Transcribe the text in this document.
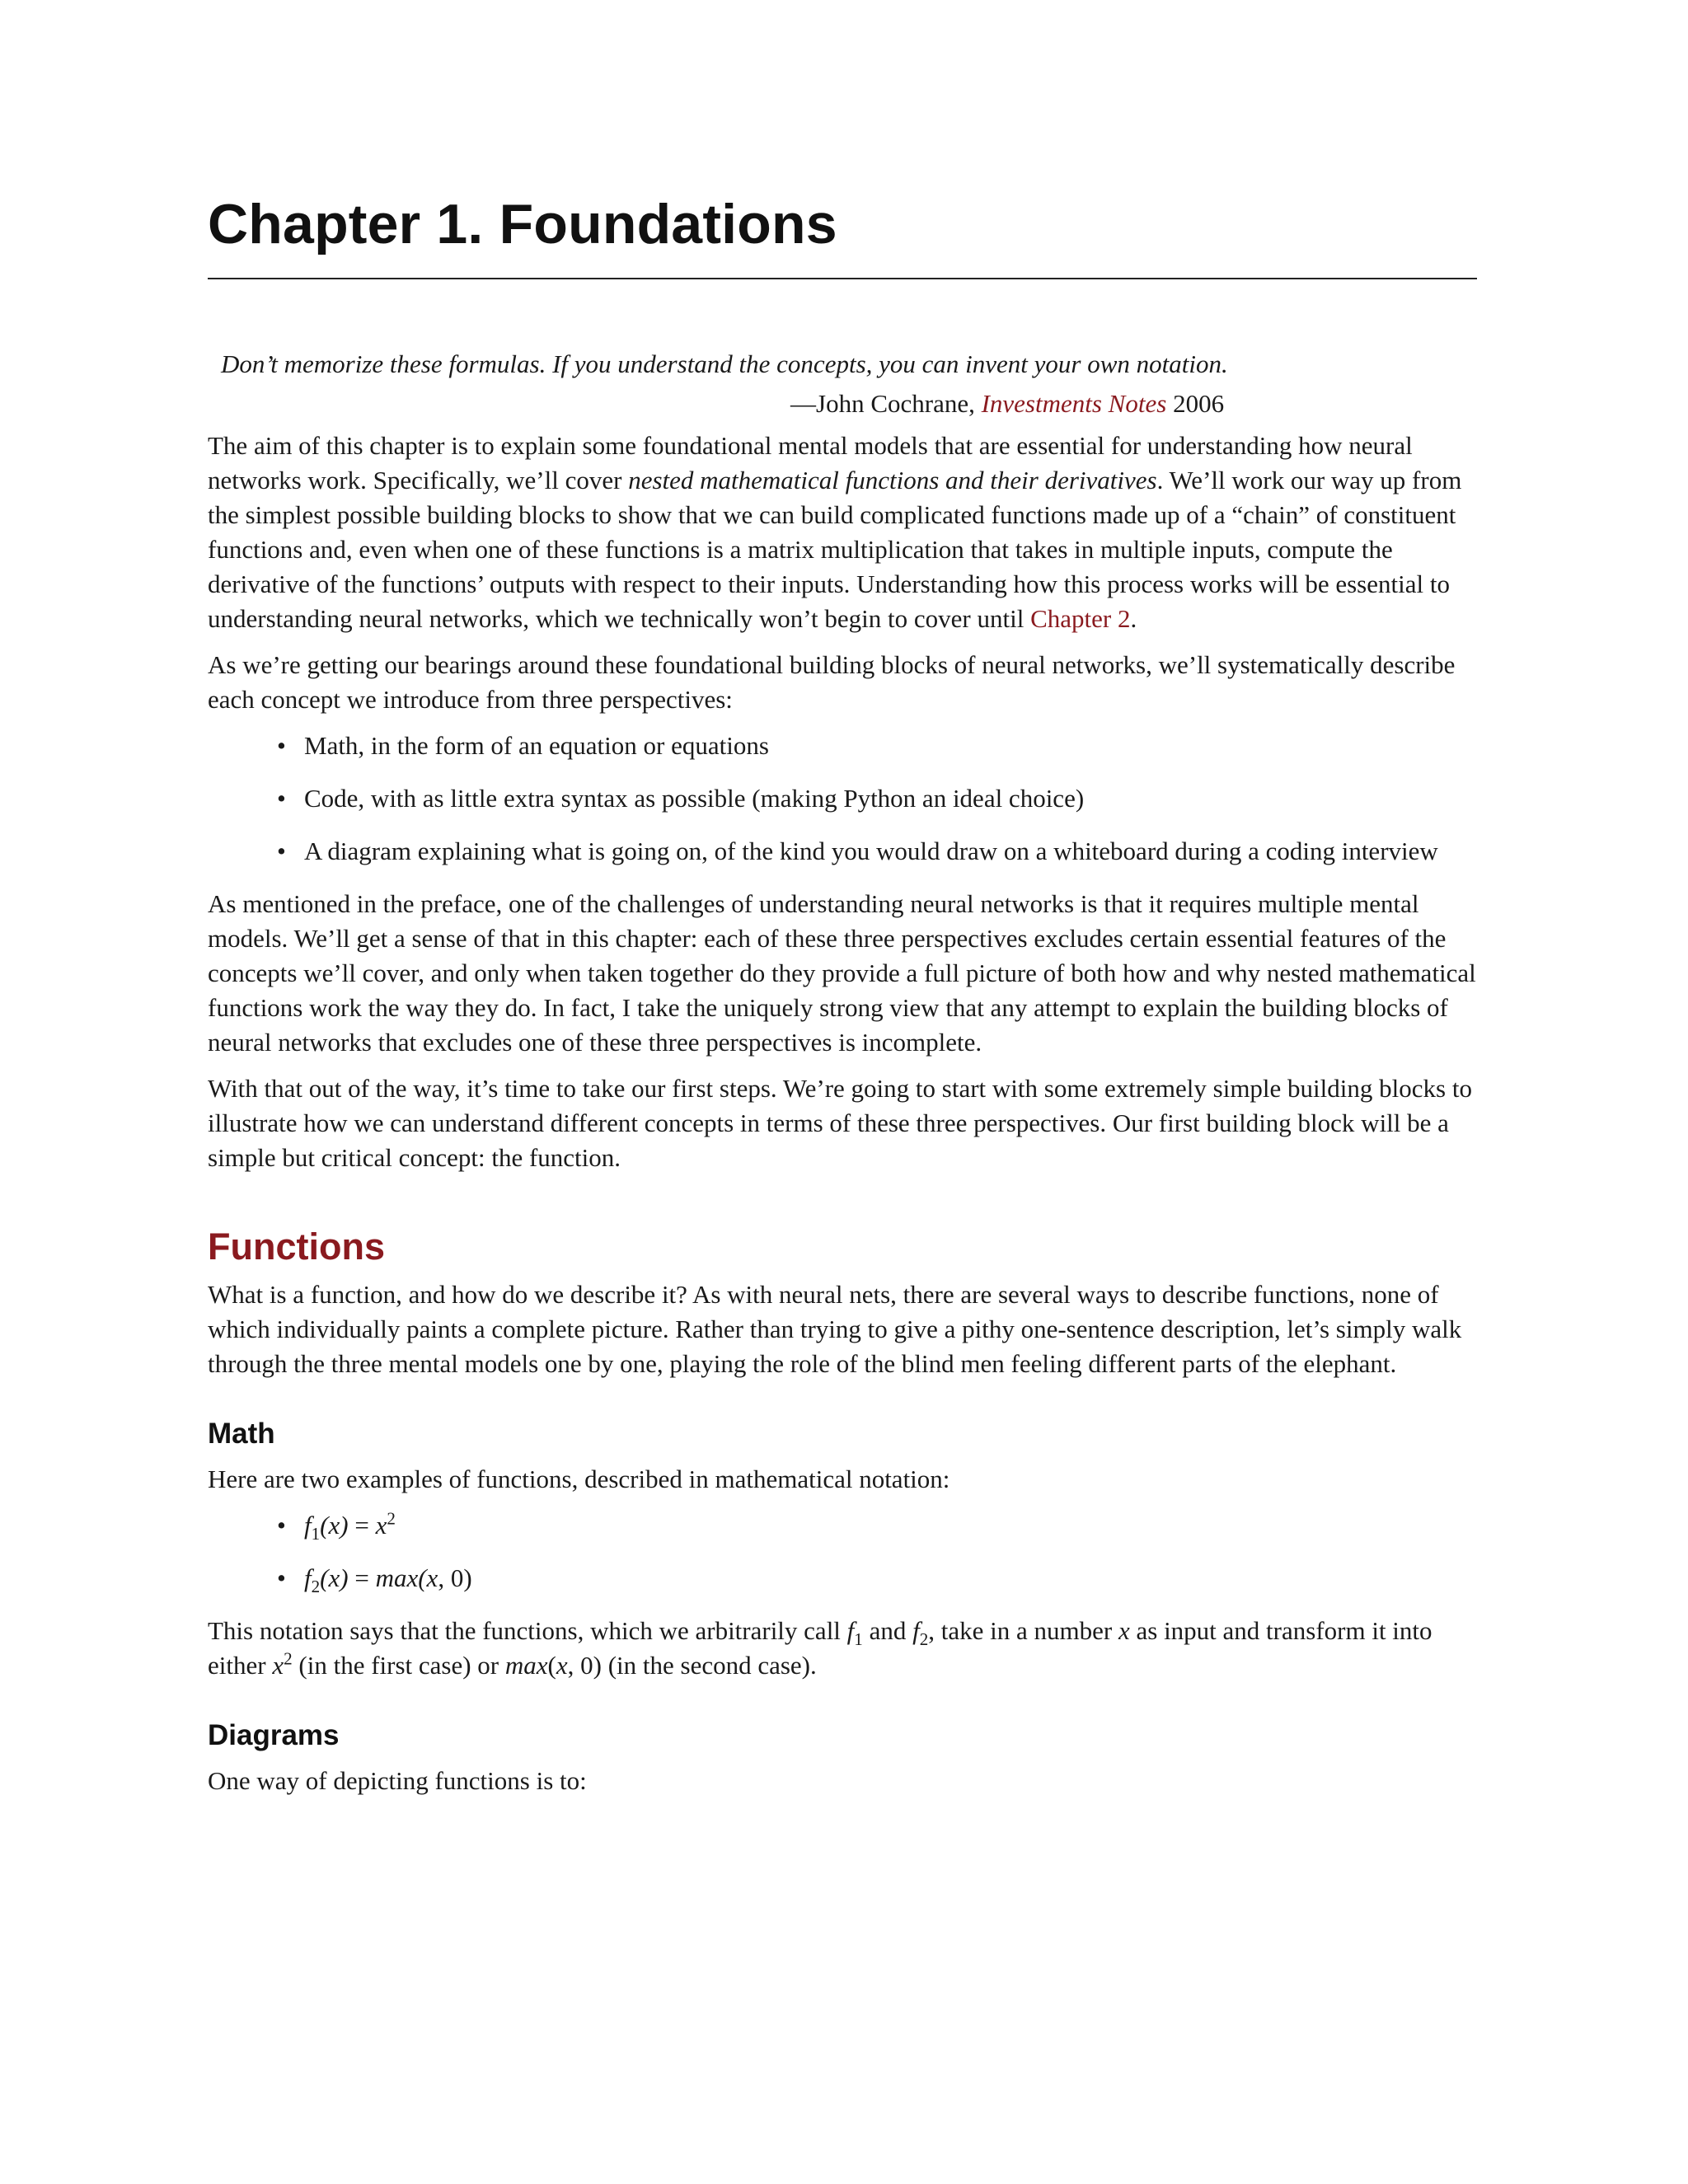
Chapter 1. Foundations
Don’t memorize these formulas. If you understand the concepts, you can invent your own notation.
—John Cochrane, Investments Notes 2006

The aim of this chapter is to explain some foundational mental models that are essential for understanding how neural networks work. Specifically, we’ll cover nested mathematical functions and their derivatives. We’ll work our way up from the simplest possible building blocks to show that we can build complicated functions made up of a “chain” of constituent functions and, even when one of these functions is a matrix multiplication that takes in multiple inputs, compute the derivative of the functions’ outputs with respect to their inputs. Understanding how this process works will be essential to understanding neural networks, which we technically won’t begin to cover until Chapter 2.

As we’re getting our bearings around these foundational building blocks of neural networks, we’ll systematically describe each concept we introduce from three perspectives:

• Math, in the form of an equation or equations
• Code, with as little extra syntax as possible (making Python an ideal choice)
• A diagram explaining what is going on, of the kind you would draw on a whiteboard during a coding interview

As mentioned in the preface, one of the challenges of understanding neural networks is that it requires multiple mental models. We’ll get a sense of that in this chapter: each of these three perspectives excludes certain essential features of the concepts we’ll cover, and only when taken together do they provide a full picture of both how and why nested mathematical functions work the way they do. In fact, I take the uniquely strong view that any attempt to explain the building blocks of neural networks that excludes one of these three perspectives is incomplete.

With that out of the way, it’s time to take our first steps. We’re going to start with some extremely simple building blocks to illustrate how we can understand different concepts in terms of these three perspectives. Our first building block will be a simple but critical concept: the function.

Functions

What is a function, and how do we describe it? As with neural nets, there are several ways to describe functions, none of which individually paints a complete picture. Rather than trying to give a pithy one-sentence description, let’s simply walk through the three mental models one by one, playing the role of the blind men feeling different parts of the elephant.

Math

Here are two examples of functions, described in mathematical notation:

• $f_1(x) = x^2$
• $f_2(x) = \max(x$, 0)

This notation says that the functions, which we arbitrarily call $f_1$ and $f_2$, take in a number x as input and transform it into either $x^2$ (in the first case) or max(x, 0) (in the second case).

Diagrams

One way of depicting functions is to:
